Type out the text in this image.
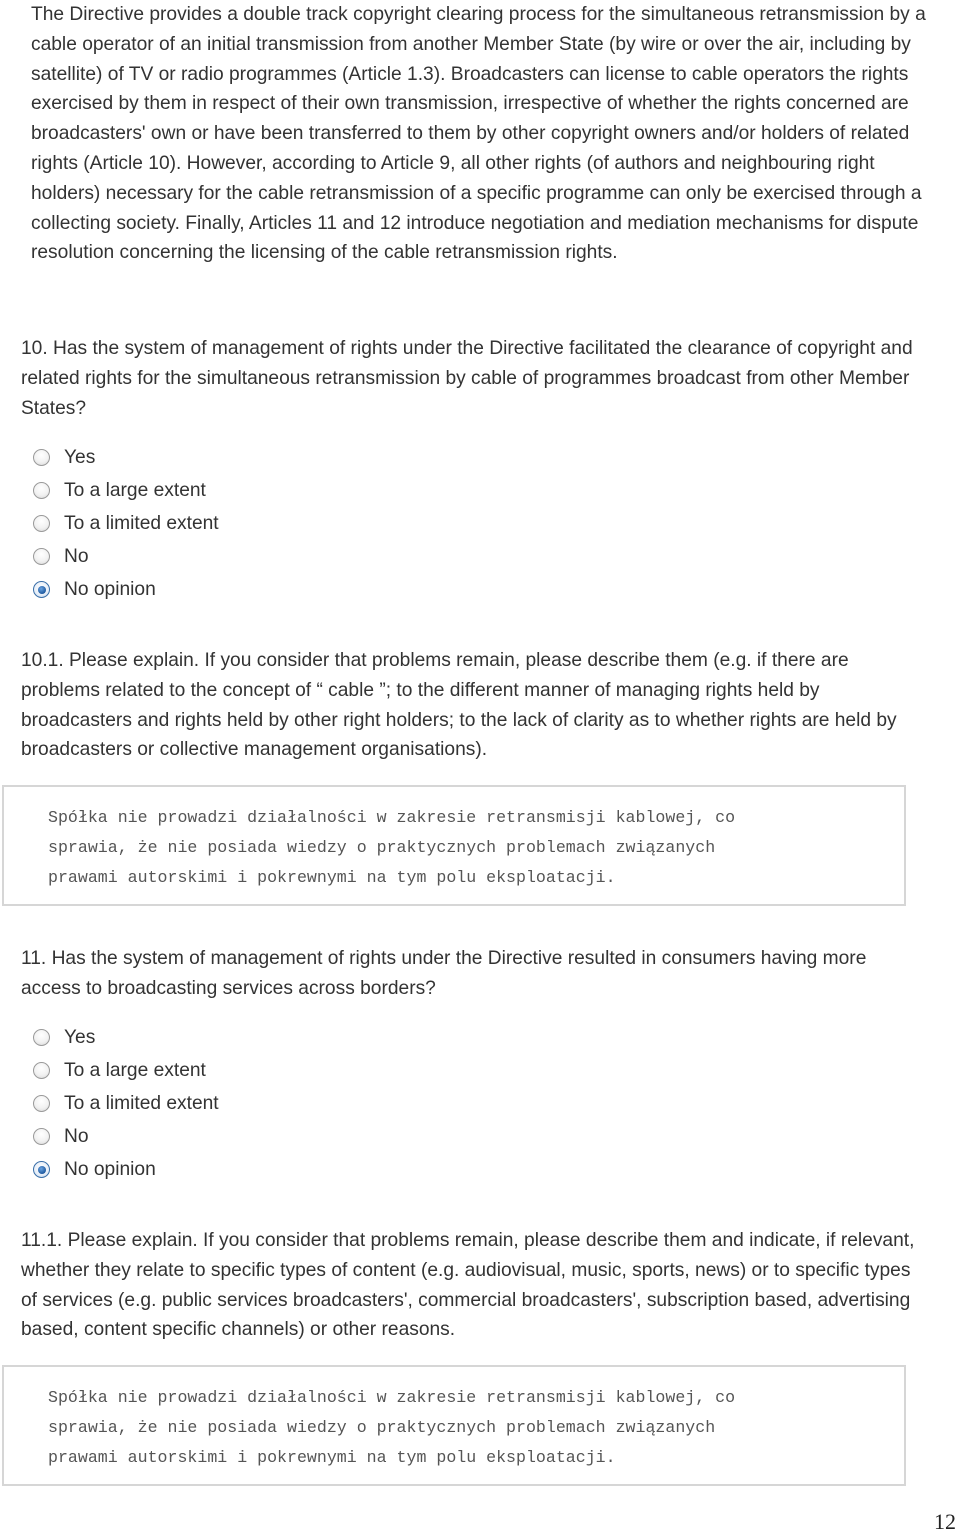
The Directive provides a double track copyright clearing process for the simultaneous retransmission by a cable operator of an initial transmission from another Member State (by wire or over the air, including by satellite) of TV or radio programmes (Article 1.3). Broadcasters can license to cable operators the rights exercised by them in respect of their own transmission, irrespective of whether the rights concerned are broadcasters' own or have been transferred to them by other copyright owners and/or holders of related rights (Article 10). However, according to Article 9, all other rights (of authors and neighbouring right holders) necessary for the cable retransmission of a specific programme can only be exercised through a collecting society. Finally, Articles 11 and 12 introduce negotiation and mediation mechanisms for dispute resolution concerning the licensing of the cable retransmission rights.

10. Has the system of management of rights under the Directive facilitated the clearance of copyright and related rights for the simultaneous retransmission by cable of programmes broadcast from other Member States?

Yes
To a large extent
To a limited extent
No
No opinion

10.1. Please explain. If you consider that problems remain, please describe them (e.g. if there are problems related to the concept of “ cable ”; to the different manner of managing rights held by broadcasters and rights held by other right holders; to the lack of clarity as to whether rights are held by broadcasters or collective management organisations).

Spółka nie prowadzi działalności w zakresie retransmisji kablowej, co
sprawia, że nie posiada wiedzy o praktycznych problemach związanych
prawami autorskimi i pokrewnymi na tym polu eksploatacji.

11. Has the system of management of rights under the Directive resulted in consumers having more access to broadcasting services across borders?

Yes
To a large extent
To a limited extent
No
No opinion

11.1. Please explain. If you consider that problems remain, please describe them and indicate, if relevant, whether they relate to specific types of content (e.g. audiovisual, music, sports, news) or to specific types of services (e.g. public services broadcasters', commercial broadcasters', subscription based, advertising based, content specific channels) or other reasons.

Spółka nie prowadzi działalności w zakresie retransmisji kablowej, co
sprawia, że nie posiada wiedzy o praktycznych problemach związanych
prawami autorskimi i pokrewnymi na tym polu eksploatacji.
12
